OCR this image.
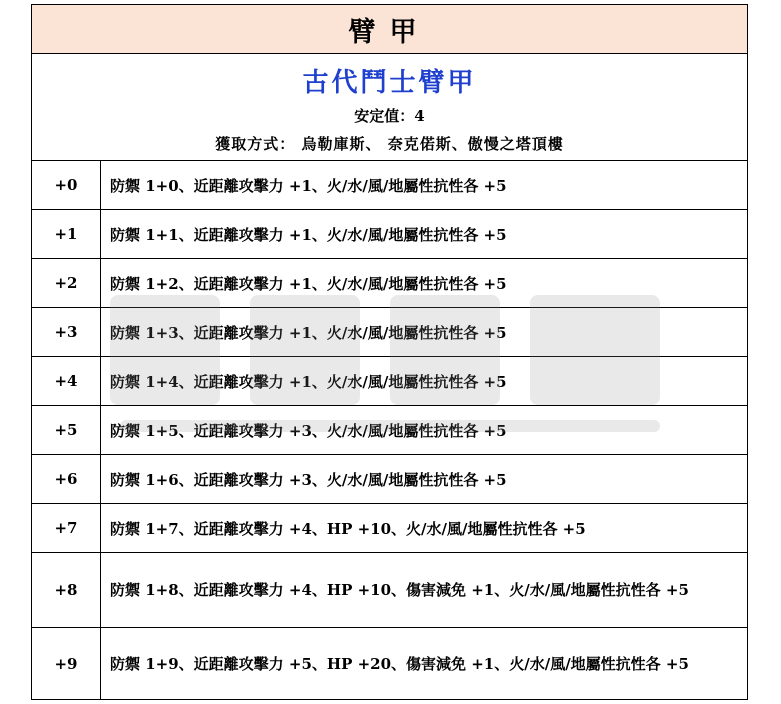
臂甲
古代鬥士臂甲
安定值：4
獲取方式： 烏勒庫斯、 奈克偌斯、傲慢之塔頂樓
+0	防禦 1+0、近距離攻擊力 +1、火/水/風/地屬性抗性各 +5
+1	防禦 1+1、近距離攻擊力 +1、火/水/風/地屬性抗性各 +5
+2	防禦 1+2、近距離攻擊力 +1、火/水/風/地屬性抗性各 +5
+3	防禦 1+3、近距離攻擊力 +1、火/水/風/地屬性抗性各 +5
+4	防禦 1+4、近距離攻擊力 +1、火/水/風/地屬性抗性各 +5
+5	防禦 1+5、近距離攻擊力 +3、火/水/風/地屬性抗性各 +5
+6	防禦 1+6、近距離攻擊力 +3、火/水/風/地屬性抗性各 +5
+7	防禦 1+7、近距離攻擊力 +4、HP +10、火/水/風/地屬性抗性各 +5
+8	防禦 1+8、近距離攻擊力 +4、HP +10、傷害減免 +1、火/水/風/地屬性抗性各 +5
+9	防禦 1+9、近距離攻擊力 +5、HP +20、傷害減免 +1、火/水/風/地屬性抗性各 +5
